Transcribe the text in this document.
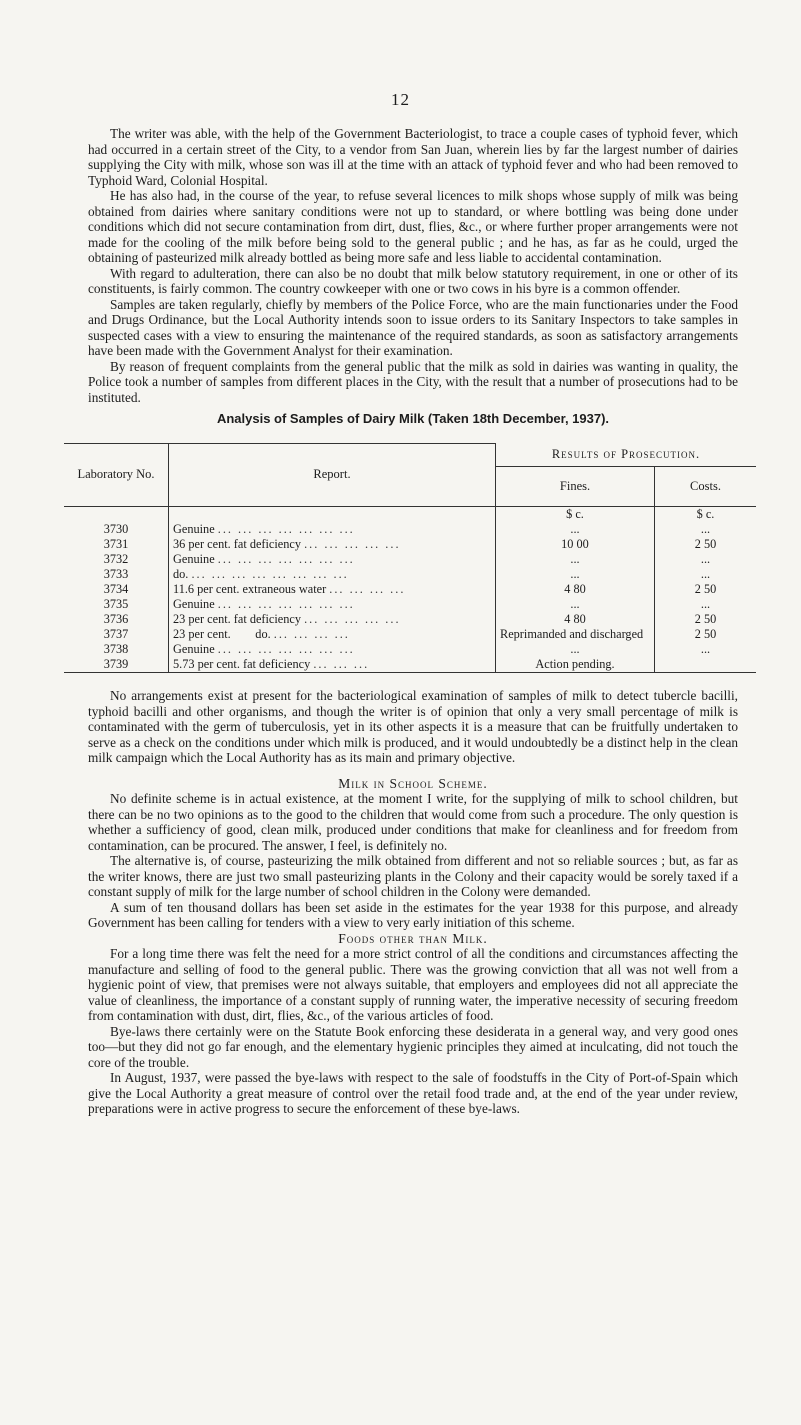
12

The writer was able, with the help of the Government Bacteriologist, to trace a couple cases of typhoid fever, which had occurred in a certain street of the City, to a vendor from San Juan, wherein lies by far the largest number of dairies supplying the City with milk, whose son was ill at the time with an attack of typhoid fever and who had been removed to Typhoid Ward, Colonial Hospital.

He has also had, in the course of the year, to refuse several licences to milk shops whose supply of milk was being obtained from dairies where sanitary conditions were not up to standard, or where bottling was being done under conditions which did not secure contamination from dirt, dust, flies, &c., or where further proper arrangements were not made for the cooling of the milk before being sold to the general public ; and he has, as far as he could, urged the obtaining of pasteurized milk already bottled as being more safe and less liable to accidental contamination.

With regard to adulteration, there can also be no doubt that milk below statutory requirement, in one or other of its constituents, is fairly common. The country cowkeeper with one or two cows in his byre is a common offender.

Samples are taken regularly, chiefly by members of the Police Force, who are the main functionaries under the Food and Drugs Ordinance, but the Local Authority intends soon to issue orders to its Sanitary Inspectors to take samples in suspected cases with a view to ensuring the maintenance of the required standards, as soon as satisfactory arrangements have been made with the Government Analyst for their examination.

By reason of frequent complaints from the general public that the milk as sold in dairies was wanting in quality, the Police took a number of samples from different places in the City, with the result that a number of prosecutions had to be instituted.

Analysis of Samples of Dairy Milk (Taken 18th December, 1937).
Laboratory No.	Report.	Results of Prosecution.	
		Fines.	Costs.
		$ c.	$ c.
3730	Genuine ... ... ... ... ... ... ...	...	...
3731	36 per cent. fat deficiency ... ... ... ... ...	10 00	2 50
3732	Genuine ... ... ... ... ... ... ...	...	...
3733	do. ... ... ... ... ... ... ... ...	...	...
3734	11.6 per cent. extraneous water ... ... ... ...	4 80	2 50
3735	Genuine ... ... ... ... ... ... ...	...	...
3736	23 per cent. fat deficiency ... ... ... ... ...	4 80	2 50
3737	23 per cent.        do. ... ... ... ...	Reprimanded and discharged	2 50
3738	Genuine ... ... ... ... ... ... ...	...	...
3739	5.73 per cent. fat deficiency ... ... ...	Action pending.	

No arrangements exist at present for the bacteriological examination of samples of milk to detect tubercle bacilli, typhoid bacilli and other organisms, and though the writer is of opinion that only a very small percentage of milk is contaminated with the germ of tuberculosis, yet in its other aspects it is a measure that can be fruitfully undertaken to serve as a check on the conditions under which milk is produced, and it would undoubtedly be a distinct help in the clean milk campaign which the Local Authority has as its main and primary objective.

Milk in School Scheme.

No definite scheme is in actual existence, at the moment I write, for the supplying of milk to school children, but there can be no two opinions as to the good to the children that would come from such a procedure. The only question is whether a sufficiency of good, clean milk, produced under conditions that make for cleanliness and for freedom from contamination, can be procured. The answer, I feel, is definitely no.

The alternative is, of course, pasteurizing the milk obtained from different and not so reliable sources ; but, as far as the writer knows, there are just two small pasteurizing plants in the Colony and their capacity would be sorely taxed if a constant supply of milk for the large number of school children in the Colony were demanded.

A sum of ten thousand dollars has been set aside in the estimates for the year 1938 for this purpose, and already Government has been calling for tenders with a view to very early initiation of this scheme.

Foods other than Milk.

For a long time there was felt the need for a more strict control of all the conditions and circumstances affecting the manufacture and selling of food to the general public. There was the growing conviction that all was not well from a hygienic point of view, that premises were not always suitable, that employers and employees did not all appreciate the value of cleanliness, the importance of a constant supply of running water, the imperative necessity of securing freedom from contamination with dust, dirt, flies, &c., of the various articles of food.

Bye-laws there certainly were on the Statute Book enforcing these desiderata in a general way, and very good ones too—but they did not go far enough, and the elementary hygienic principles they aimed at inculcating, did not touch the core of the trouble.

In August, 1937, were passed the bye-laws with respect to the sale of foodstuffs in the City of Port-of-Spain which give the Local Authority a great measure of control over the retail food trade and, at the end of the year under review, preparations were in active progress to secure the enforcement of these bye-laws.
